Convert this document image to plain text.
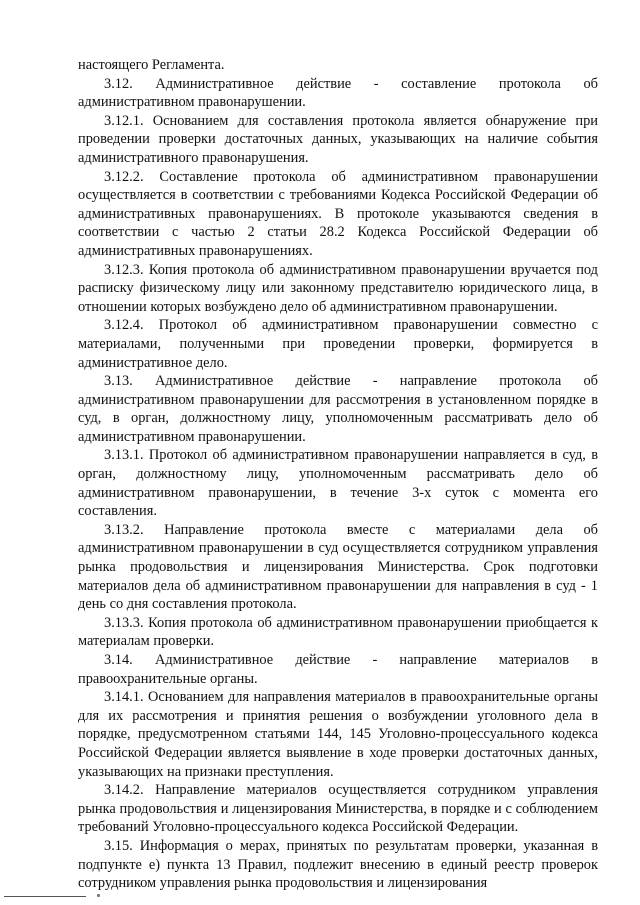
настоящего Регламента.

3.12. Административное действие - составление протокола об административном правонарушении.

3.12.1. Основанием для составления протокола является обнаружение при проведении проверки достаточных данных, указывающих на наличие события административного правонарушения.

3.12.2. Составление протокола об административном правонарушении осуществляется в соответствии с требованиями Кодекса Российской Федерации об административных правонарушениях. В протоколе указываются сведения в соответствии с частью 2 статьи 28.2 Кодекса Российской Федерации об административных правонарушениях.

3.12.3. Копия протокола об административном правонарушении вручается под расписку физическому лицу или законному представителю юридического лица, в отношении которых возбуждено дело об административном правонарушении.

3.12.4. Протокол об административном правонарушении совместно с материалами, полученными при проведении проверки, формируется в административное дело.

3.13. Административное действие - направление протокола об административном правонарушении для рассмотрения в установленном порядке в суд, в орган, должностному лицу, уполномоченным рассматривать дело об административном правонарушении.

3.13.1. Протокол об административном правонарушении направляется в суд, в орган, должностному лицу, уполномоченным рассматривать дело об административном правонарушении, в течение 3-х суток с момента его составления.

3.13.2. Направление протокола вместе с материалами дела об административном правонарушении в суд осуществляется сотрудником управления рынка продовольствия и лицензирования Министерства. Срок подготовки материалов дела об административном правонарушении для направления в суд - 1 день со дня составления протокола.

3.13.3. Копия протокола об административном правонарушении приобщается к материалам проверки.

3.14. Административное действие - направление материалов в правоохранительные органы.

3.14.1. Основанием для направления материалов в правоохранительные органы для их рассмотрения и принятия решения о возбуждении уголовного дела в порядке, предусмотренном статьями 144, 145 Уголовно-процессуального кодекса Российской Федерации является выявление в ходе проверки достаточных данных, указывающих на признаки преступления.

3.14.2. Направление материалов осуществляется сотрудником управления рынка продовольствия и лицензирования Министерства, в порядке и с соблюдением требований Уголовно-процессуального кодекса Российской Федерации.

3.15. Информация о мерах, принятых по результатам проверки, указанная в подпункте е) пункта 13 Правил, подлежит внесению в единый реестр проверок сотрудником управления рынка продовольствия и лицензирования
